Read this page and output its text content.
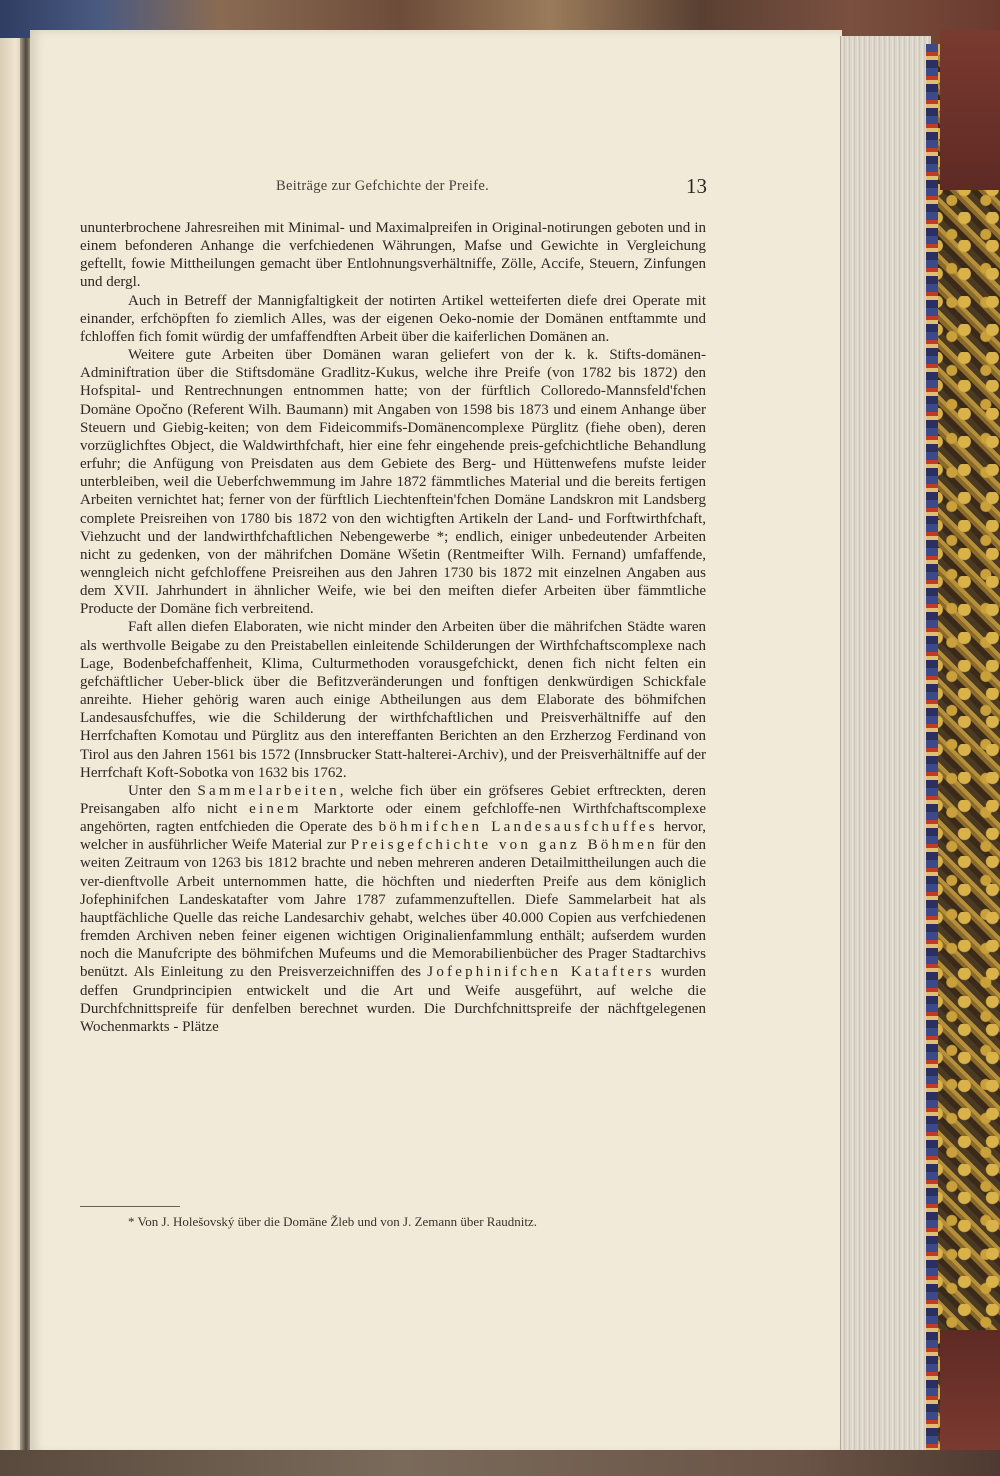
Beiträge zur Gefchichte der Preife.	13

ununterbrochene Jahresreihen mit Minimal- und Maximalpreifen in Original-notirungen geboten und in einem befonderen Anhange die verfchiedenen Währungen, Mafse und Gewichte in Vergleichung geftellt, fowie Mittheilungen gemacht über Entlohnungsverhältniffe, Zölle, Accife, Steuern, Zinfungen und dergl.

Auch in Betreff der Mannigfaltigkeit der notirten Artikel wetteiferten diefe drei Operate mit einander, erfchöpften fo ziemlich Alles, was der eigenen Oeko-nomie der Domänen entftammte und fchloffen fich fomit würdig der umfaffendften Arbeit über die kaiferlichen Domänen an.

Weitere gute Arbeiten über Domänen waran geliefert von der k. k. Stifts-domänen-Adminiftration über die Stiftsdomäne Gradlitz-Kukus, welche ihre Preife (von 1782 bis 1872) den Hofspital- und Rentrechnungen entnommen hatte; von der fürftlich Colloredo-Mannsfeld'fchen Domäne Opočno (Referent Wilh. Baumann) mit Angaben von 1598 bis 1873 und einem Anhange über Steuern und Giebig-keiten; von dem Fideicommifs-Domänencomplexe Pürglitz (fiehe oben), deren vorzüglichftes Object, die Waldwirthfchaft, hier eine fehr eingehende preis-gefchichtliche Behandlung erfuhr; die Anfügung von Preisdaten aus dem Gebiete des Berg- und Hüttenwefens mufste leider unterbleiben, weil die Ueberfchwemmung im Jahre 1872 fämmtliches Material und die bereits fertigen Arbeiten vernichtet hat; ferner von der fürftlich Liechtenftein'fchen Domäne Landskron mit Landsberg complete Preisreihen von 1780 bis 1872 von den wichtigften Artikeln der Land- und Forftwirthfchaft, Viehzucht und der landwirthfchaftlichen Nebengewerbe *; endlich, einiger unbedeutender Arbeiten nicht zu gedenken, von der mährifchen Domäne Wšetin (Rentmeifter Wilh. Fernand) umfaffende, wenngleich nicht gefchloffene Preisreihen aus den Jahren 1730 bis 1872 mit einzelnen Angaben aus dem XVII. Jahrhundert in ähnlicher Weife, wie bei den meiften diefer Arbeiten über fämmtliche Producte der Domäne fich verbreitend.

Faft allen diefen Elaboraten, wie nicht minder den Arbeiten über die mährifchen Städte waren als werthvolle Beigabe zu den Preistabellen einleitende Schilderungen der Wirthfchaftscomplexe nach Lage, Bodenbefchaffenheit, Klima, Culturmethoden vorausgefchickt, denen fich nicht felten ein gefchäftlicher Ueber-blick über die Befitzveränderungen und fonftigen denkwürdigen Schickfale anreihte. Hieher gehörig waren auch einige Abtheilungen aus dem Elaborate des böhmifchen Landesausfchuffes, wie die Schilderung der wirthfchaftlichen und Preisverhältniffe auf den Herrfchaften Komotau und Pürglitz aus den intereffanten Berichten an den Erzherzog Ferdinand von Tirol aus den Jahren 1561 bis 1572 (Innsbrucker Statt-halterei-Archiv), und der Preisverhältniffe auf der Herrfchaft Koft-Sobotka von 1632 bis 1762.

Unter den Sammelarbeiten, welche fich über ein gröfseres Gebiet erftreckten, deren Preisangaben alfo nicht einem Marktorte oder einem gefchloffe-nen Wirthfchaftscomplexe angehörten, ragten entfchieden die Operate des böhmifchen Landesausfchuffes hervor, welcher in ausführlicher Weife Material zur Preisgefchichte von ganz Böhmen für den weiten Zeitraum von 1263 bis 1812 brachte und neben mehreren anderen Detailmittheilungen auch die ver-dienftvolle Arbeit unternommen hatte, die höchften und niederften Preife aus dem königlich Jofephinifchen Landeskatafter vom Jahre 1787 zufammenzuftellen. Diefe Sammelarbeit hat als hauptfächliche Quelle das reiche Landesarchiv gehabt, welches über 40.000 Copien aus verfchiedenen fremden Archiven neben feiner eigenen wichtigen Originalienfammlung enthält; aufserdem wurden noch die Manufcripte des böhmifchen Mufeums und die Memorabilienbücher des Prager Stadtarchivs benützt. Als Einleitung zu den Preisverzeichniffen des Jofephinifchen Katafters wurden deffen Grundprincipien entwickelt und die Art und Weife ausgeführt, auf welche die Durchfchnittspreife für denfelben berechnet wurden. Die Durchfchnittspreife der nächftgelegenen Wochenmarkts - Plätze

* Von J. Holešovský über die Domäne Žleb und von J. Zemann über Raudnitz.
